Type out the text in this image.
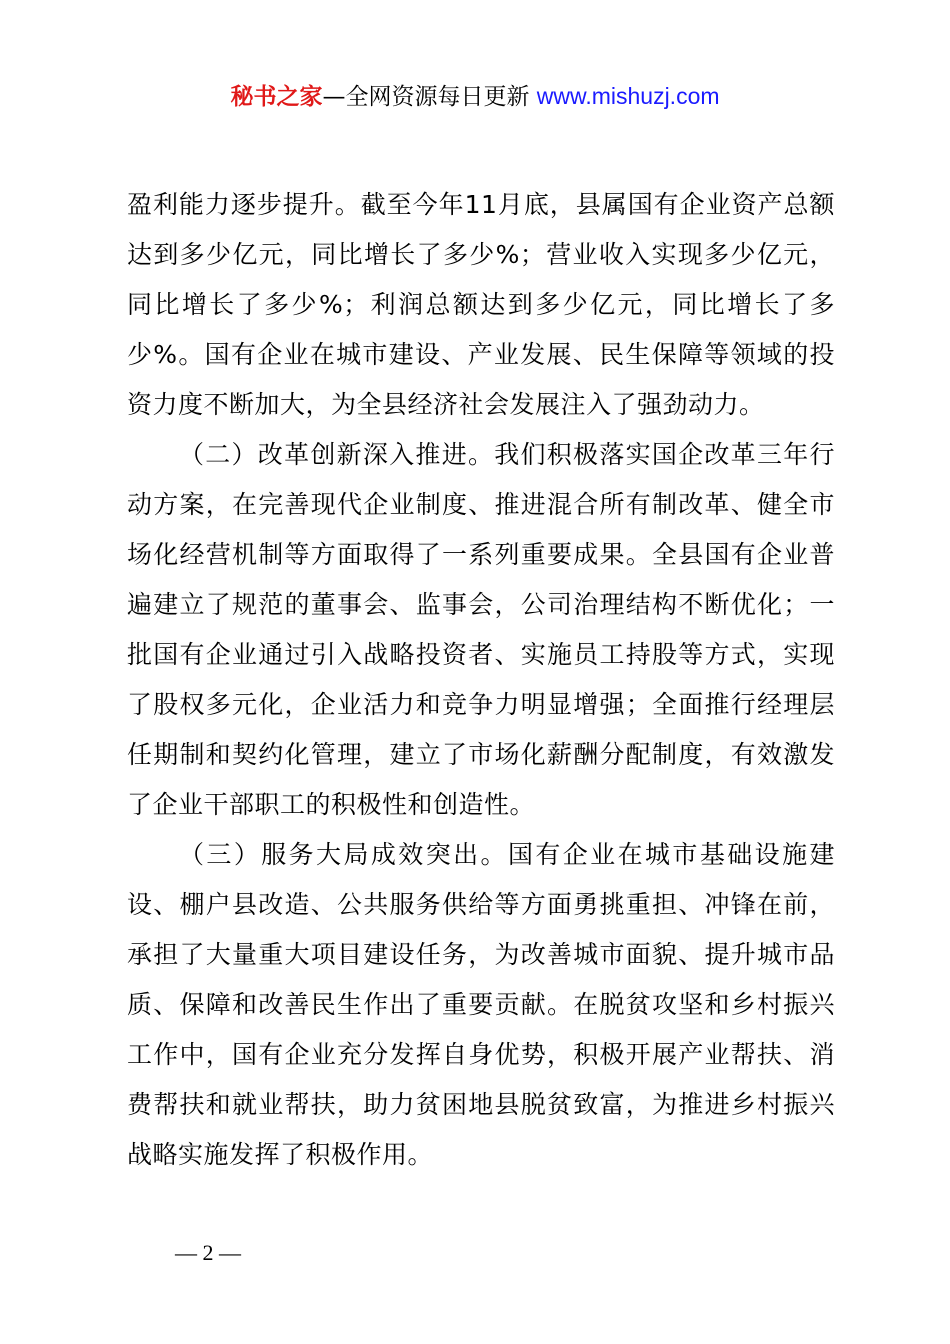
秘书之家—全网资源每日更新 www.mishuzj.com

盈利能力逐步提升。截至今年11月底，县属国有企业资产总额达到多少亿元，同比增长了多少%；营业收入实现多少亿元，同比增长了多少%；利润总额达到多少亿元，同比增长了多少%。国有企业在城市建设、产业发展、民生保障等领域的投资力度不断加大，为全县经济社会发展注入了强劲动力。

（二）改革创新深入推进。我们积极落实国企改革三年行动方案，在完善现代企业制度、推进混合所有制改革、健全市场化经营机制等方面取得了一系列重要成果。全县国有企业普遍建立了规范的董事会、监事会，公司治理结构不断优化；一批国有企业通过引入战略投资者、实施员工持股等方式，实现了股权多元化，企业活力和竞争力明显增强；全面推行经理层任期制和契约化管理，建立了市场化薪酬分配制度，有效激发了企业干部职工的积极性和创造性。

（三）服务大局成效突出。国有企业在城市基础设施建设、棚户县改造、公共服务供给等方面勇挑重担、冲锋在前，承担了大量重大项目建设任务，为改善城市面貌、提升城市品质、保障和改善民生作出了重要贡献。在脱贫攻坚和乡村振兴工作中，国有企业充分发挥自身优势，积极开展产业帮扶、消费帮扶和就业帮扶，助力贫困地县脱贫致富，为推进乡村振兴战略实施发挥了积极作用。

— 2 —
